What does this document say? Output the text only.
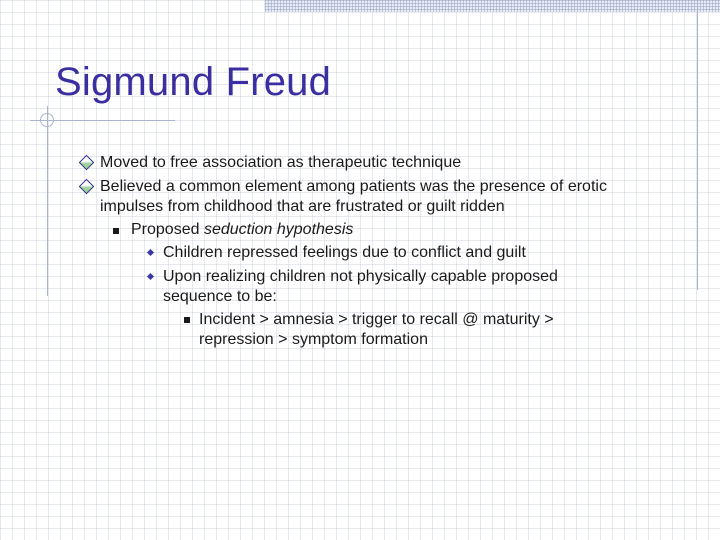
Sigmund Freud
Moved to free association as therapeutic technique
Believed a common element among patients was the presence of erotic
impulses from childhood that are frustrated or guilt ridden
Proposed seduction hypothesis
Children repressed feelings due to conflict and guilt
Upon realizing children not physically capable proposed
sequence to be:
Incident > amnesia > trigger to recall @ maturity >
repression > symptom formation
